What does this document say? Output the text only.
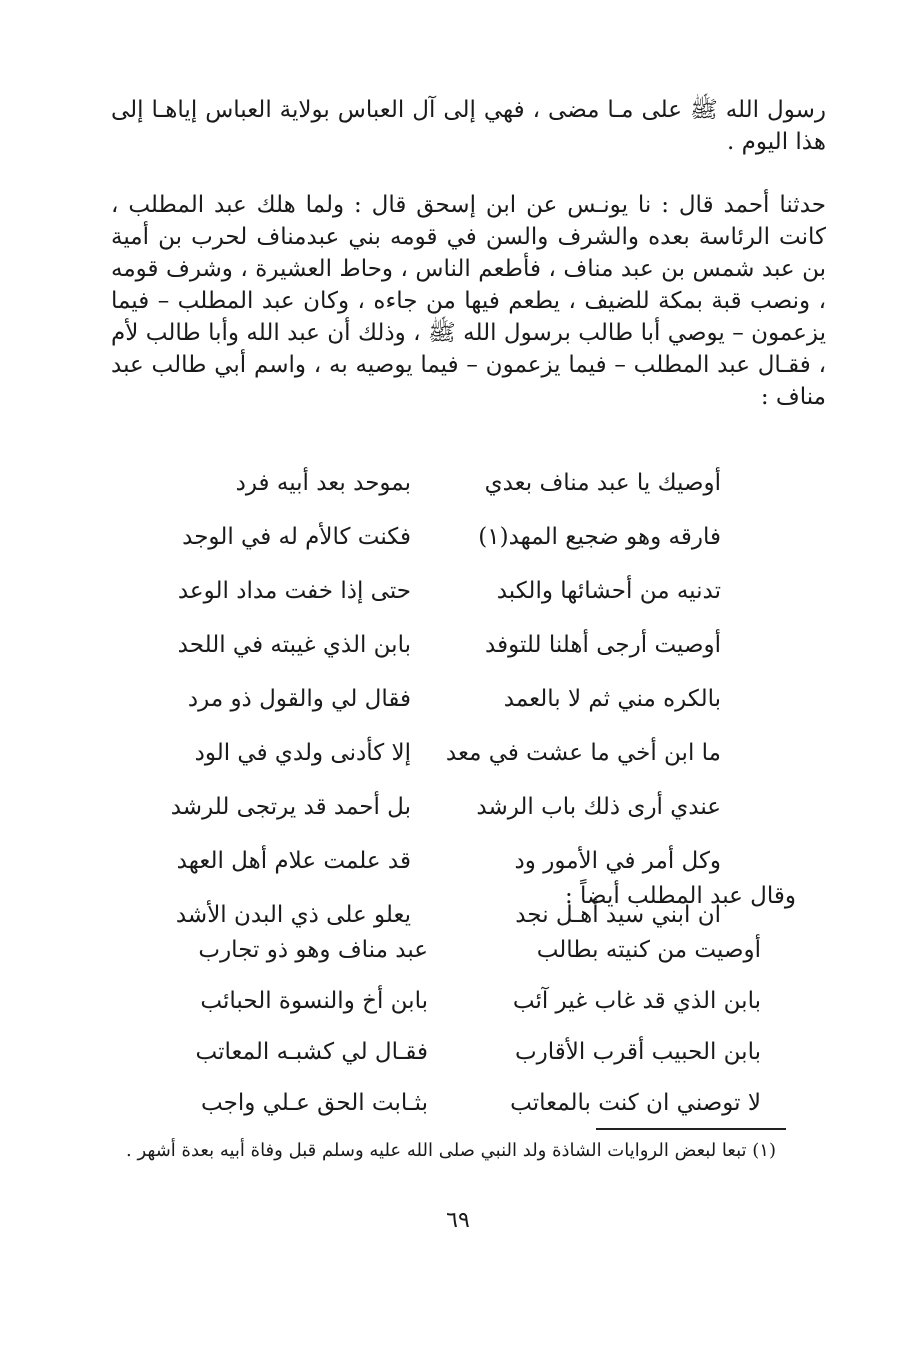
رسول الله ﷺ على مـا مضى ، فهي إلى آل العباس بولاية العباس إياهـا إلى هذا اليوم .

حدثنا أحمد قال : نا يونـس عن ابن إسحق قال : ولما هلك عبد المطلب ، كانت الرئاسة بعده والشرف والسن في قومه بني عبدمناف لحرب بن أمية بن عبد شمس بن عبد مناف ، فأطعم الناس ، وحاط العشيرة ، وشرف قومه ، ونصب قبة بمكة للضيف ، يطعم فيها من جاءه ، وكان عبد المطلب – فيما يزعمون – يوصي أبا طالب برسول الله ﷺ ، وذلك أن عبد الله وأبا طالب لأم ، فقـال عبد المطلب – فيما يزعمون – فيما يوصيه به ، واسم أبي طالب عبد مناف :

أوصيك يا عبد مناف بعدي
بموحد بعد أبيه فرد
فارقه وهو ضجيع المهد(١)
فكنت كالأم له في الوجد
تدنيه من أحشائها والكبد
حتى إذا خفت مداد الوعد
أوصيت أرجى أهلنا للتوفد
بابن الذي غيبته في اللحد
بالكره مني ثم لا بالعمد
فقال لي والقول ذو مرد
ما ابن أخي ما عشت في معد
إلا كأدنى ولدي في الود
عندي أرى ذلك باب الرشد
بل أحمد قد يرتجى للرشد
وكل أمر في الأمور ود
قد علمت علام أهل العهد
ان ابني سيد أهـل نجد
يعلو على ذي البدن الأشد

وقال عبد المطلب أيضاً :

أوصيت من كنيته بطالب
عبد مناف وهو ذو تجارب
بابن الذي قد غاب غير آئب
بابن أخ والنسوة الحبائب
بابن الحبيب أقرب الأقارب
فقـال لي كشبـه المعاتب
لا توصني ان كنت بالمعاتب
بثـابت الحق عـلي واجب

(١) تبعا لبعض الروايات الشاذة ولد النبي صلى الله عليه وسلم قبل وفاة أبيه بعدة أشهر .

٦٩
